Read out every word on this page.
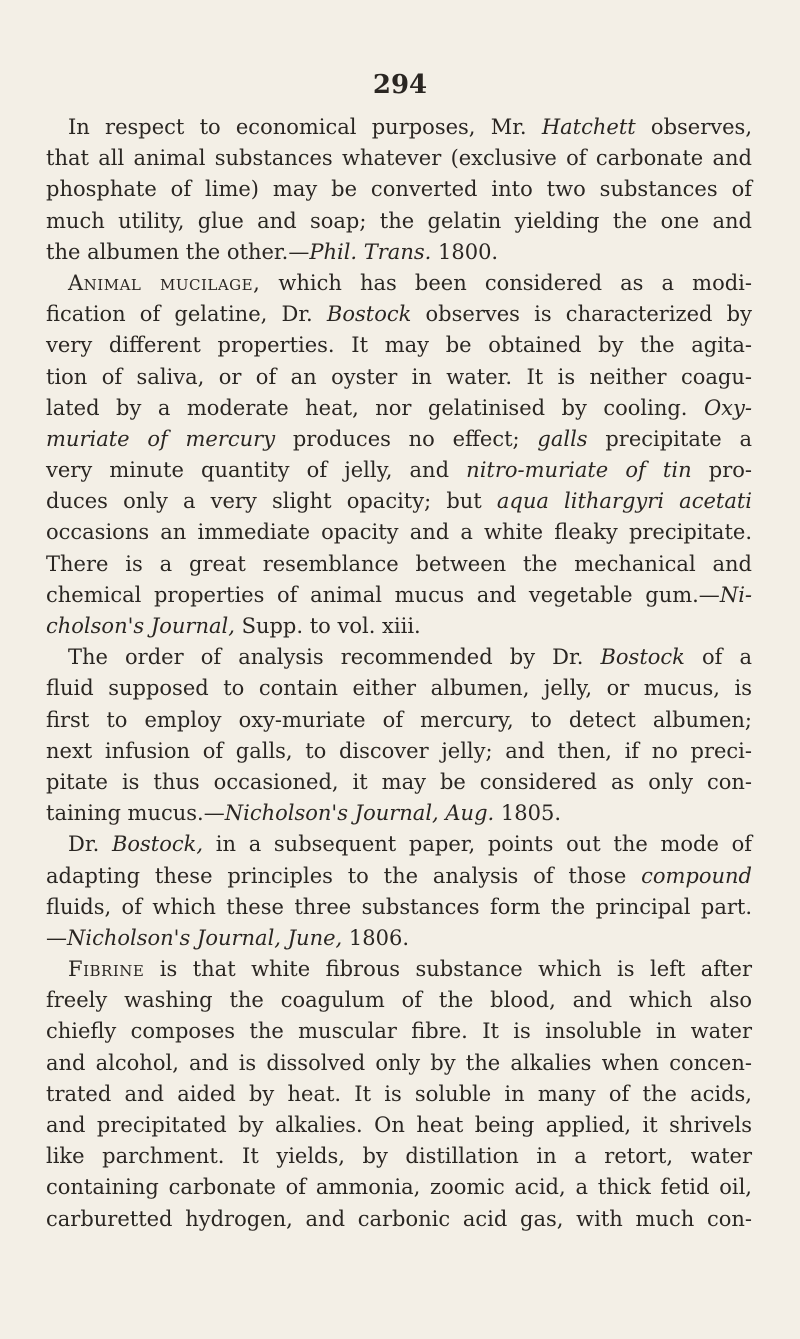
294
In respect to economical purposes, Mr. Hatchett observes,
that all animal substances whatever (exclusive of carbonate and
phosphate of lime) may be converted into two substances of
much utility, glue and soap; the gelatin yielding the one and
the albumen the other.—Phil. Trans. 1800.
Animal mucilage, which has been considered as a modi-
fication of gelatine, Dr. Bostock observes is characterized by
very different properties. It may be obtained by the agita-
tion of saliva, or of an oyster in water. It is neither coagu-
lated by a moderate heat, nor gelatinised by cooling. Oxy-
muriate of mercury produces no effect; galls precipitate a
very minute quantity of jelly, and nitro-muriate of tin pro-
duces only a very slight opacity; but aqua lithargyri acetati
occasions an immediate opacity and a white fleaky precipitate.
There is a great resemblance between the mechanical and
chemical properties of animal mucus and vegetable gum.—Ni-
cholson's Journal, Supp. to vol. xiii.
The order of analysis recommended by Dr. Bostock of a
fluid supposed to contain either albumen, jelly, or mucus, is
first to employ oxy-muriate of mercury, to detect albumen;
next infusion of galls, to discover jelly; and then, if no preci-
pitate is thus occasioned, it may be considered as only con-
taining mucus.—Nicholson's Journal, Aug. 1805.
Dr. Bostock, in a subsequent paper, points out the mode of
adapting these principles to the analysis of those compound
fluids, of which these three substances form the principal part.
—Nicholson's Journal, June, 1806.
Fibrine is that white fibrous substance which is left after
freely washing the coagulum of the blood, and which also
chiefly composes the muscular fibre. It is insoluble in water
and alcohol, and is dissolved only by the alkalies when concen-
trated and aided by heat. It is soluble in many of the acids,
and precipitated by alkalies. On heat being applied, it shrivels
like parchment. It yields, by distillation in a retort, water
containing carbonate of ammonia, zoomic acid, a thick fetid oil,
carburetted hydrogen, and carbonic acid gas, with much con-
